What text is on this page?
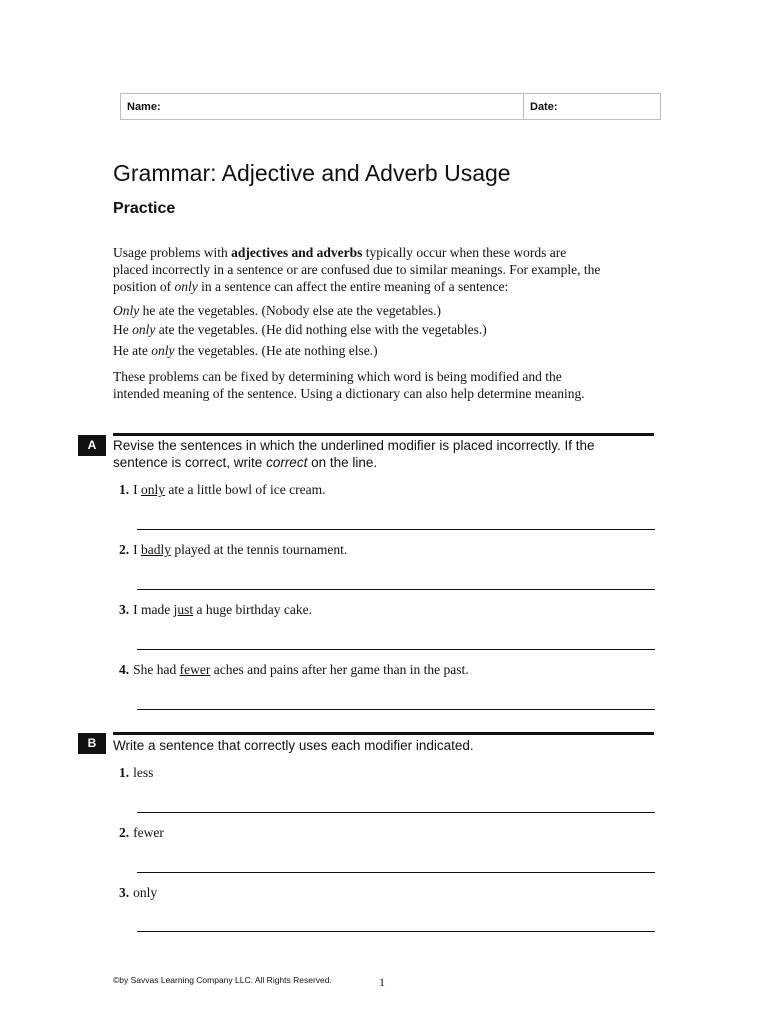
Name:	Date:
Grammar: Adjective and Adverb Usage
Practice

Usage problems with adjectives and adverbs typically occur when these words are placed incorrectly in a sentence or are confused due to similar meanings. For example, the position of only in a sentence can affect the entire meaning of a sentence:

Only he ate the vegetables. (Nobody else ate the vegetables.)

He only ate the vegetables. (He did nothing else with the vegetables.)

He ate only the vegetables. (He ate nothing else.)

These problems can be fixed by determining which word is being modified and the intended meaning of the sentence. Using a dictionary can also help determine meaning.

A	Revise the sentences in which the underlined modifier is placed incorrectly. If the sentence is correct, write correct on the line.

1. I only ate a little bowl of ice cream.

2. I badly played at the tennis tournament.

3. I made just a huge birthday cake.

4. She had fewer aches and pains after her game than in the past.

B	Write a sentence that correctly uses each modifier indicated.

1. less

2. fewer

3. only

©by Savvas Learning Company LLC. All Rights Reserved.	1
